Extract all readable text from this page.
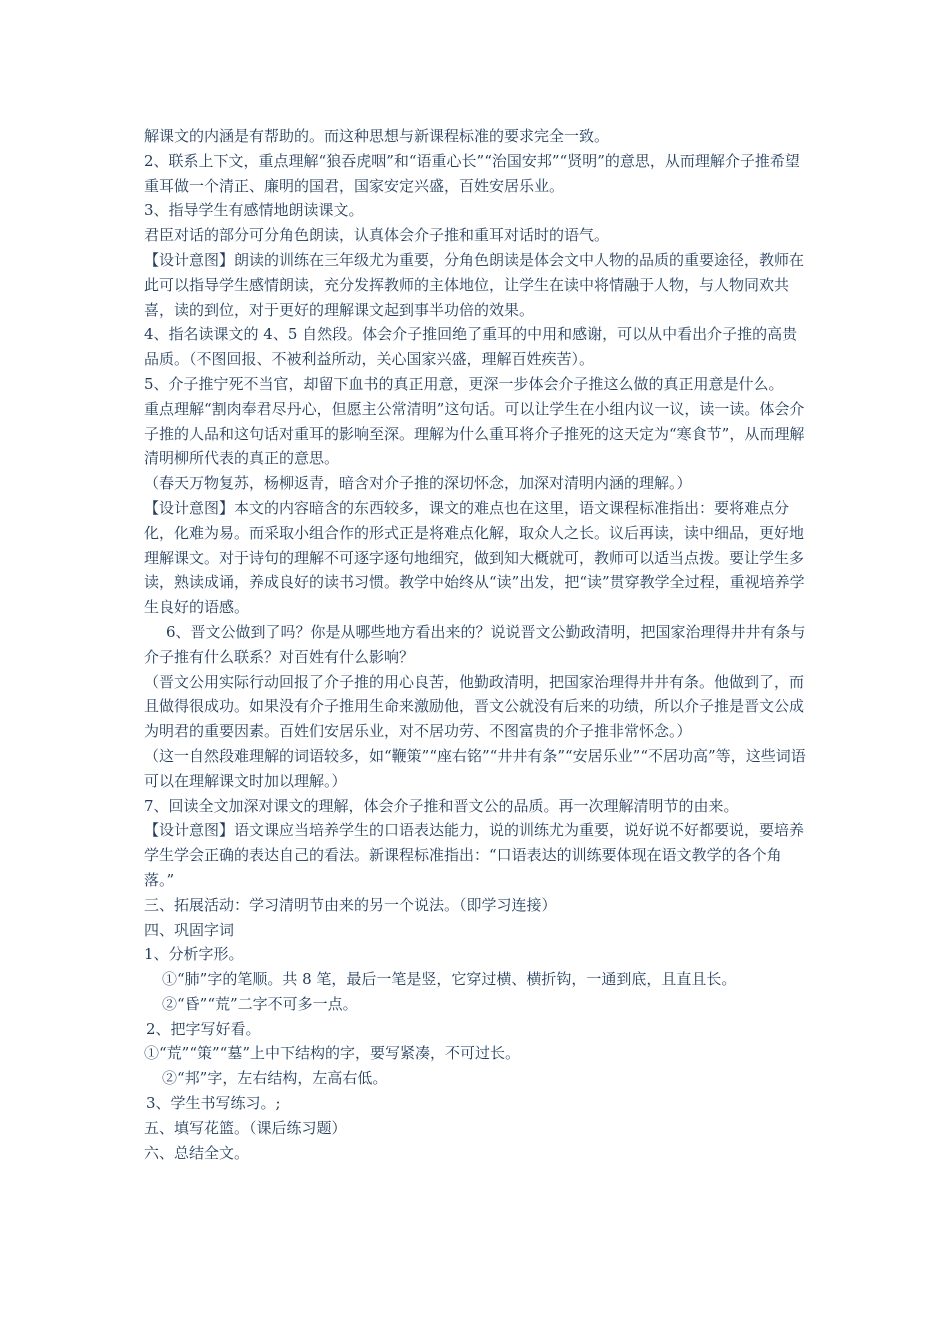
解课文的内涵是有帮助的。而这种思想与新课程标准的要求完全一致。

2、联系上下文，重点理解“狼吞虎咽”和“语重心长”“治国安邦”“贤明”的意思，从而理解介子推希望重耳做一个清正、廉明的国君，国家安定兴盛，百姓安居乐业。

3、指导学生有感情地朗读课文。

君臣对话的部分可分角色朗读，认真体会介子推和重耳对话时的语气。

【设计意图】朗读的训练在三年级尤为重要，分角色朗读是体会文中人物的品质的重要途径，教师在此可以指导学生感情朗读，充分发挥教师的主体地位，让学生在读中将情融于人物，与人物同欢共喜，读的到位，对于更好的理解课文起到事半功倍的效果。

4、指名读课文的 4、5 自然段。体会介子推回绝了重耳的中用和感谢，可以从中看出介子推的高贵品质。（不图回报、不被利益所动，关心国家兴盛，理解百姓疾苦）。

5、介子推宁死不当官，却留下血书的真正用意，更深一步体会介子推这么做的真正用意是什么。

重点理解“割肉奉君尽丹心，但愿主公常清明”这句话。可以让学生在小组内议一议，读一读。体会介子推的人品和这句话对重耳的影响至深。理解为什么重耳将介子推死的这天定为“寒食节”，从而理解清明柳所代表的真正的意思。

（春天万物复苏，杨柳返青，暗含对介子推的深切怀念，加深对清明内涵的理解。）

【设计意图】本文的内容暗含的东西较多，课文的难点也在这里，语文课程标准指出：要将难点分化，化难为易。而采取小组合作的形式正是将难点化解，取众人之长。议后再读，读中细品，更好地理解课文。对于诗句的理解不可逐字逐句地细究，做到知大概就可，教师可以适当点拨。要让学生多读，熟读成诵，养成良好的读书习惯。教学中始终从“读”出发，把“读”贯穿教学全过程，重视培养学生良好的语感。

6、晋文公做到了吗？你是从哪些地方看出来的？说说晋文公勤政清明，把国家治理得井井有条与介子推有什么联系？对百姓有什么影响？

（晋文公用实际行动回报了介子推的用心良苦，他勤政清明，把国家治理得井井有条。他做到了，而且做得很成功。如果没有介子推用生命来激励他，晋文公就没有后来的功绩，所以介子推是晋文公成为明君的重要因素。百姓们安居乐业，对不居功劳、不图富贵的介子推非常怀念。）

（这一自然段难理解的词语较多，如“鞭策”“座右铭”“井井有条”“安居乐业”“不居功高”等，这些词语可以在理解课文时加以理解。）

7、回读全文加深对课文的理解，体会介子推和晋文公的品质。再一次理解清明节的由来。

【设计意图】语文课应当培养学生的口语表达能力，说的训练尤为重要，说好说不好都要说，要培养学生学会正确的表达自己的看法。新课程标准指出：“口语表达的训练要体现在语文教学的各个角落。”

三、拓展活动：学习清明节由来的另一个说法。（即学习连接）

四、巩固字词

1、分析字形。

①“肺”字的笔顺。共 8 笔，最后一笔是竖，它穿过横、横折钩，一通到底，且直且长。

②“昏”“荒”二字不可多一点。

2、把字写好看。

①“荒”“策”“墓”上中下结构的字，要写紧凑，不可过长。

②“邦”字，左右结构，左高右低。

3、学生书写练习。;

五、填写花篮。（课后练习题）

六、总结全文。
